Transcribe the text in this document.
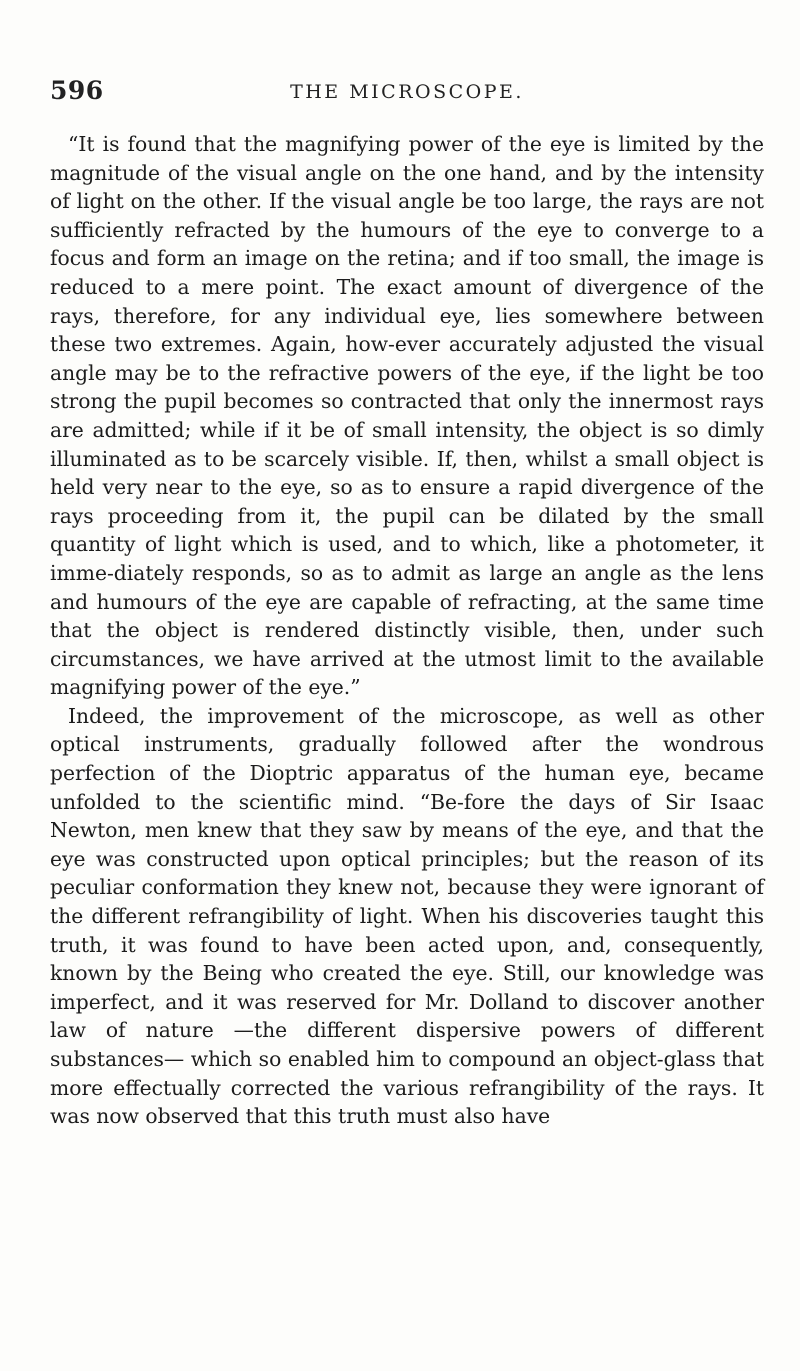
596	THE MICROSCOPE.

“It is found that the magnifying power of the eye is limited by the magnitude of the visual angle on the one hand, and by the intensity of light on the other. If the visual angle be too large, the rays are not sufficiently refracted by the humours of the eye to converge to a focus and form an image on the retina; and if too small, the image is reduced to a mere point. The exact amount of divergence of the rays, therefore, for any individual eye, lies somewhere between these two extremes. Again, how-ever accurately adjusted the visual angle may be to the refractive powers of the eye, if the light be too strong the pupil becomes so contracted that only the innermost rays are admitted; while if it be of small intensity, the object is so dimly illuminated as to be scarcely visible. If, then, whilst a small object is held very near to the eye, so as to ensure a rapid divergence of the rays proceeding from it, the pupil can be dilated by the small quantity of light which is used, and to which, like a photometer, it imme-diately responds, so as to admit as large an angle as the lens and humours of the eye are capable of refracting, at the same time that the object is rendered distinctly visible, then, under such circumstances, we have arrived at the utmost limit to the available magnifying power of the eye.”

Indeed, the improvement of the microscope, as well as other optical instruments, gradually followed after the wondrous perfection of the Dioptric apparatus of the human eye, became unfolded to the scientific mind. “Be-fore the days of Sir Isaac Newton, men knew that they saw by means of the eye, and that the eye was constructed upon optical principles; but the reason of its peculiar conformation they knew not, because they were ignorant of the different refrangibility of light. When his discoveries taught this truth, it was found to have been acted upon, and, consequently, known by the Being who created the eye. Still, our knowledge was imperfect, and it was reserved for Mr. Dolland to discover another law of nature —the different dispersive powers of different substances— which so enabled him to compound an object-glass that more effectually corrected the various refrangibility of the rays. It was now observed that this truth must also have
